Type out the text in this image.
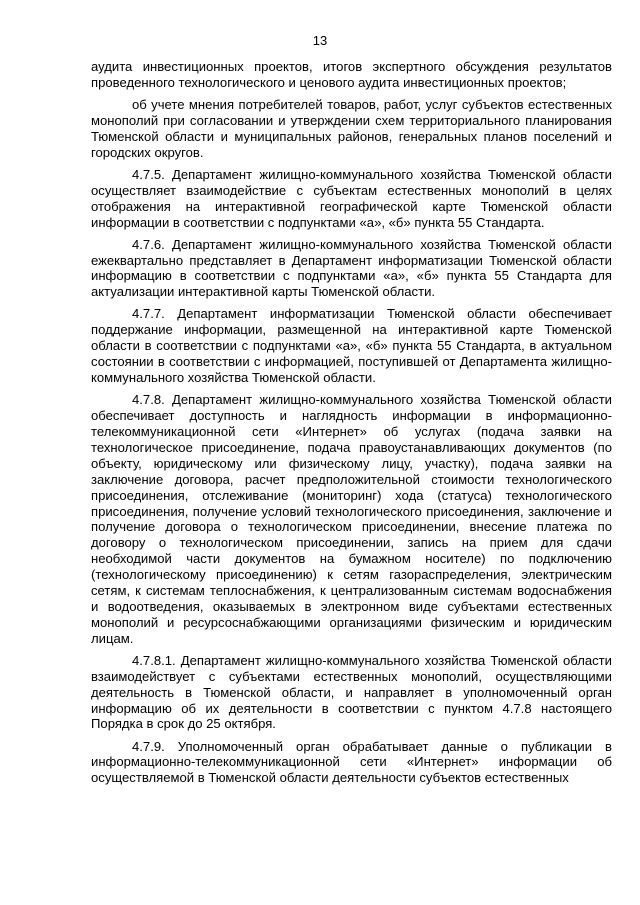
13

аудита инвестиционных проектов, итогов экспертного обсуждения результатов проведенного технологического и ценового аудита инвестиционных проектов;

об учете мнения потребителей товаров, работ, услуг субъектов естественных монополий при согласовании и утверждении схем территориального планирования Тюменской области и муниципальных районов, генеральных планов поселений и городских округов.

4.7.5. Департамент жилищно-коммунального хозяйства Тюменской области осуществляет взаимодействие с субъектам естественных монополий в целях отображения на интерактивной географической карте Тюменской области информации в соответствии с подпунктами «а», «б» пункта 55 Стандарта.

4.7.6. Департамент жилищно-коммунального хозяйства Тюменской области ежеквартально представляет в Департамент информатизации Тюменской области информацию в соответствии с подпунктами «а», «б» пункта 55 Стандарта для актуализации интерактивной карты Тюменской области.

4.7.7. Департамент информатизации Тюменской области обеспечивает поддержание информации, размещенной на интерактивной карте Тюменской области в соответствии с подпунктами «а», «б» пункта 55 Стандарта, в актуальном состоянии в соответствии с информацией, поступившей от Департамента жилищно-коммунального хозяйства Тюменской области.

4.7.8. Департамент жилищно-коммунального хозяйства Тюменской области обеспечивает доступность и наглядность информации в информационно-телекоммуникационной сети «Интернет» об услугах (подача заявки на технологическое присоединение, подача правоустанавливающих документов (по объекту, юридическому или физическому лицу, участку), подача заявки на заключение договора, расчет предположительной стоимости технологического присоединения, отслеживание (мониторинг) хода (статуса) технологического присоединения, получение условий технологического присоединения, заключение и получение договора о технологическом присоединении, внесение платежа по договору о технологическом присоединении, запись на прием для сдачи необходимой части документов на бумажном носителе) по подключению (технологическому присоединению) к сетям газораспределения, электрическим сетям, к системам теплоснабжения, к централизованным системам водоснабжения и водоотведения, оказываемых в электронном виде субъектами естественных монополий и ресурсоснабжающими организациями физическим и юридическим лицам.

4.7.8.1. Департамент жилищно-коммунального хозяйства Тюменской области взаимодействует с субъектами естественных монополий, осуществляющими деятельность в Тюменской области, и направляет в уполномоченный орган информацию об их деятельности в соответствии с пунктом 4.7.8 настоящего Порядка в срок до 25 октября.

4.7.9. Уполномоченный орган обрабатывает данные о публикации в информационно-телекоммуникационной сети «Интернет» информации об осуществляемой в Тюменской области деятельности субъектов естественных
